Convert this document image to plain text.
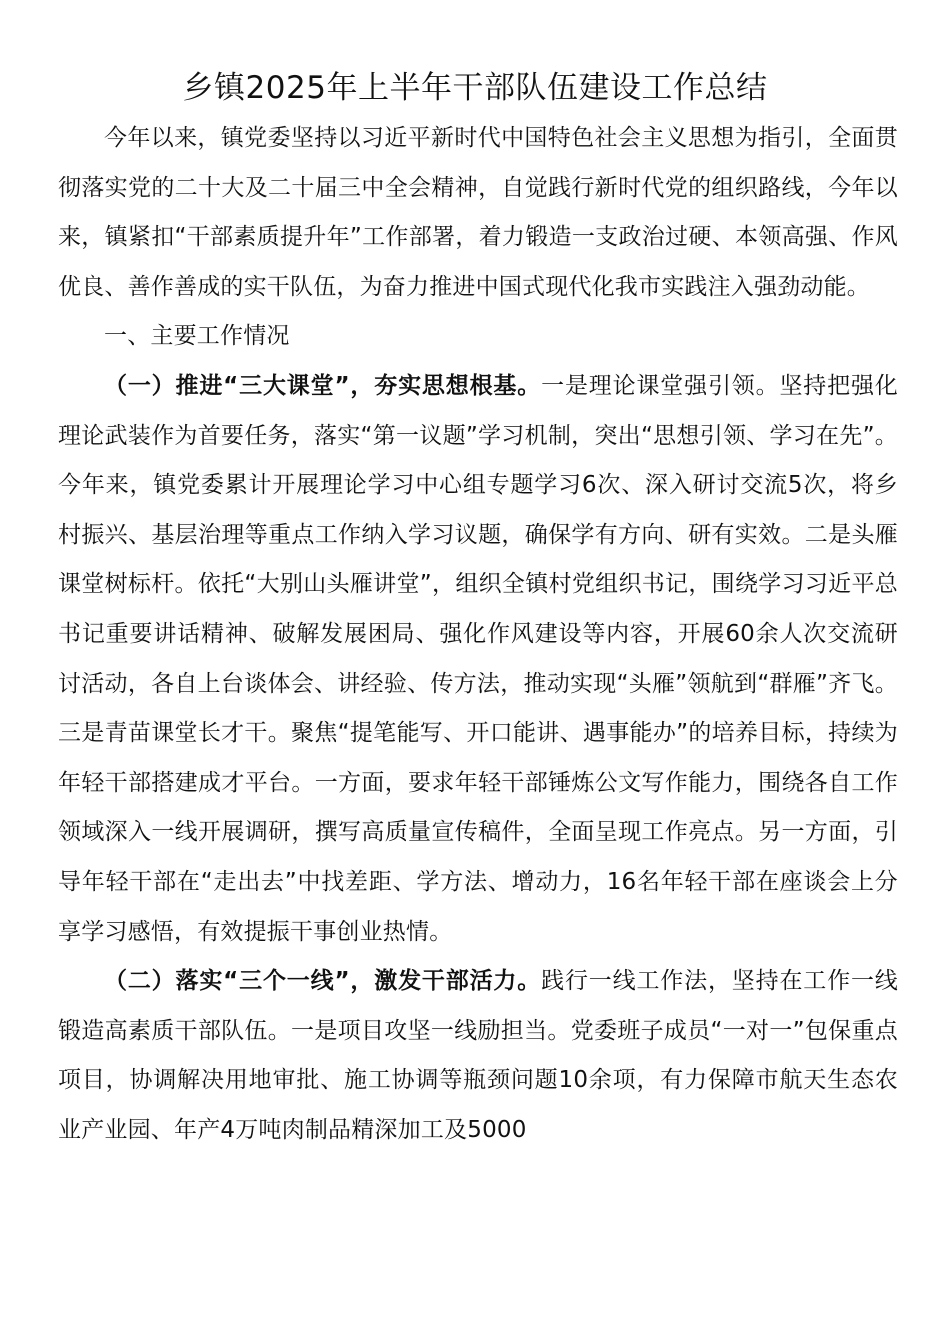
乡镇2025年上半年干部队伍建设工作总结

今年以来，镇党委坚持以习近平新时代中国特色社会主义思想为指引，全面贯彻落实党的二十大及二十届三中全会精神，自觉践行新时代党的组织路线，今年以来，镇紧扣“干部素质提升年”工作部署，着力锻造一支政治过硬、本领高强、作风优良、善作善成的实干队伍，为奋力推进中国式现代化我市实践注入强劲动能。

一、主要工作情况

（一）推进“三大课堂”，夯实思想根基。一是理论课堂强引领。坚持把强化理论武装作为首要任务，落实“第一议题”学习机制，突出“思想引领、学习在先”。今年来，镇党委累计开展理论学习中心组专题学习6次、深入研讨交流5次，将乡村振兴、基层治理等重点工作纳入学习议题，确保学有方向、研有实效。二是头雁课堂树标杆。依托“大别山头雁讲堂”，组织全镇村党组织书记，围绕学习习近平总书记重要讲话精神、破解发展困局、强化作风建设等内容，开展60余人次交流研讨活动，各自上台谈体会、讲经验、传方法，推动实现“头雁”领航到“群雁”齐飞。三是青苗课堂长才干。聚焦“提笔能写、开口能讲、遇事能办”的培养目标，持续为年轻干部搭建成才平台。一方面，要求年轻干部锤炼公文写作能力，围绕各自工作领域深入一线开展调研，撰写高质量宣传稿件，全面呈现工作亮点。另一方面，引导年轻干部在“走出去”中找差距、学方法、增动力，16名年轻干部在座谈会上分享学习感悟，有效提振干事创业热情。

（二）落实“三个一线”，激发干部活力。践行一线工作法，坚持在工作一线锻造高素质干部队伍。一是项目攻坚一线励担当。党委班子成员“一对一”包保重点项目，协调解决用地审批、施工协调等瓶颈问题10余项，有力保障市航天生态农业产业园、年产4万吨肉制品精深加工及5000
